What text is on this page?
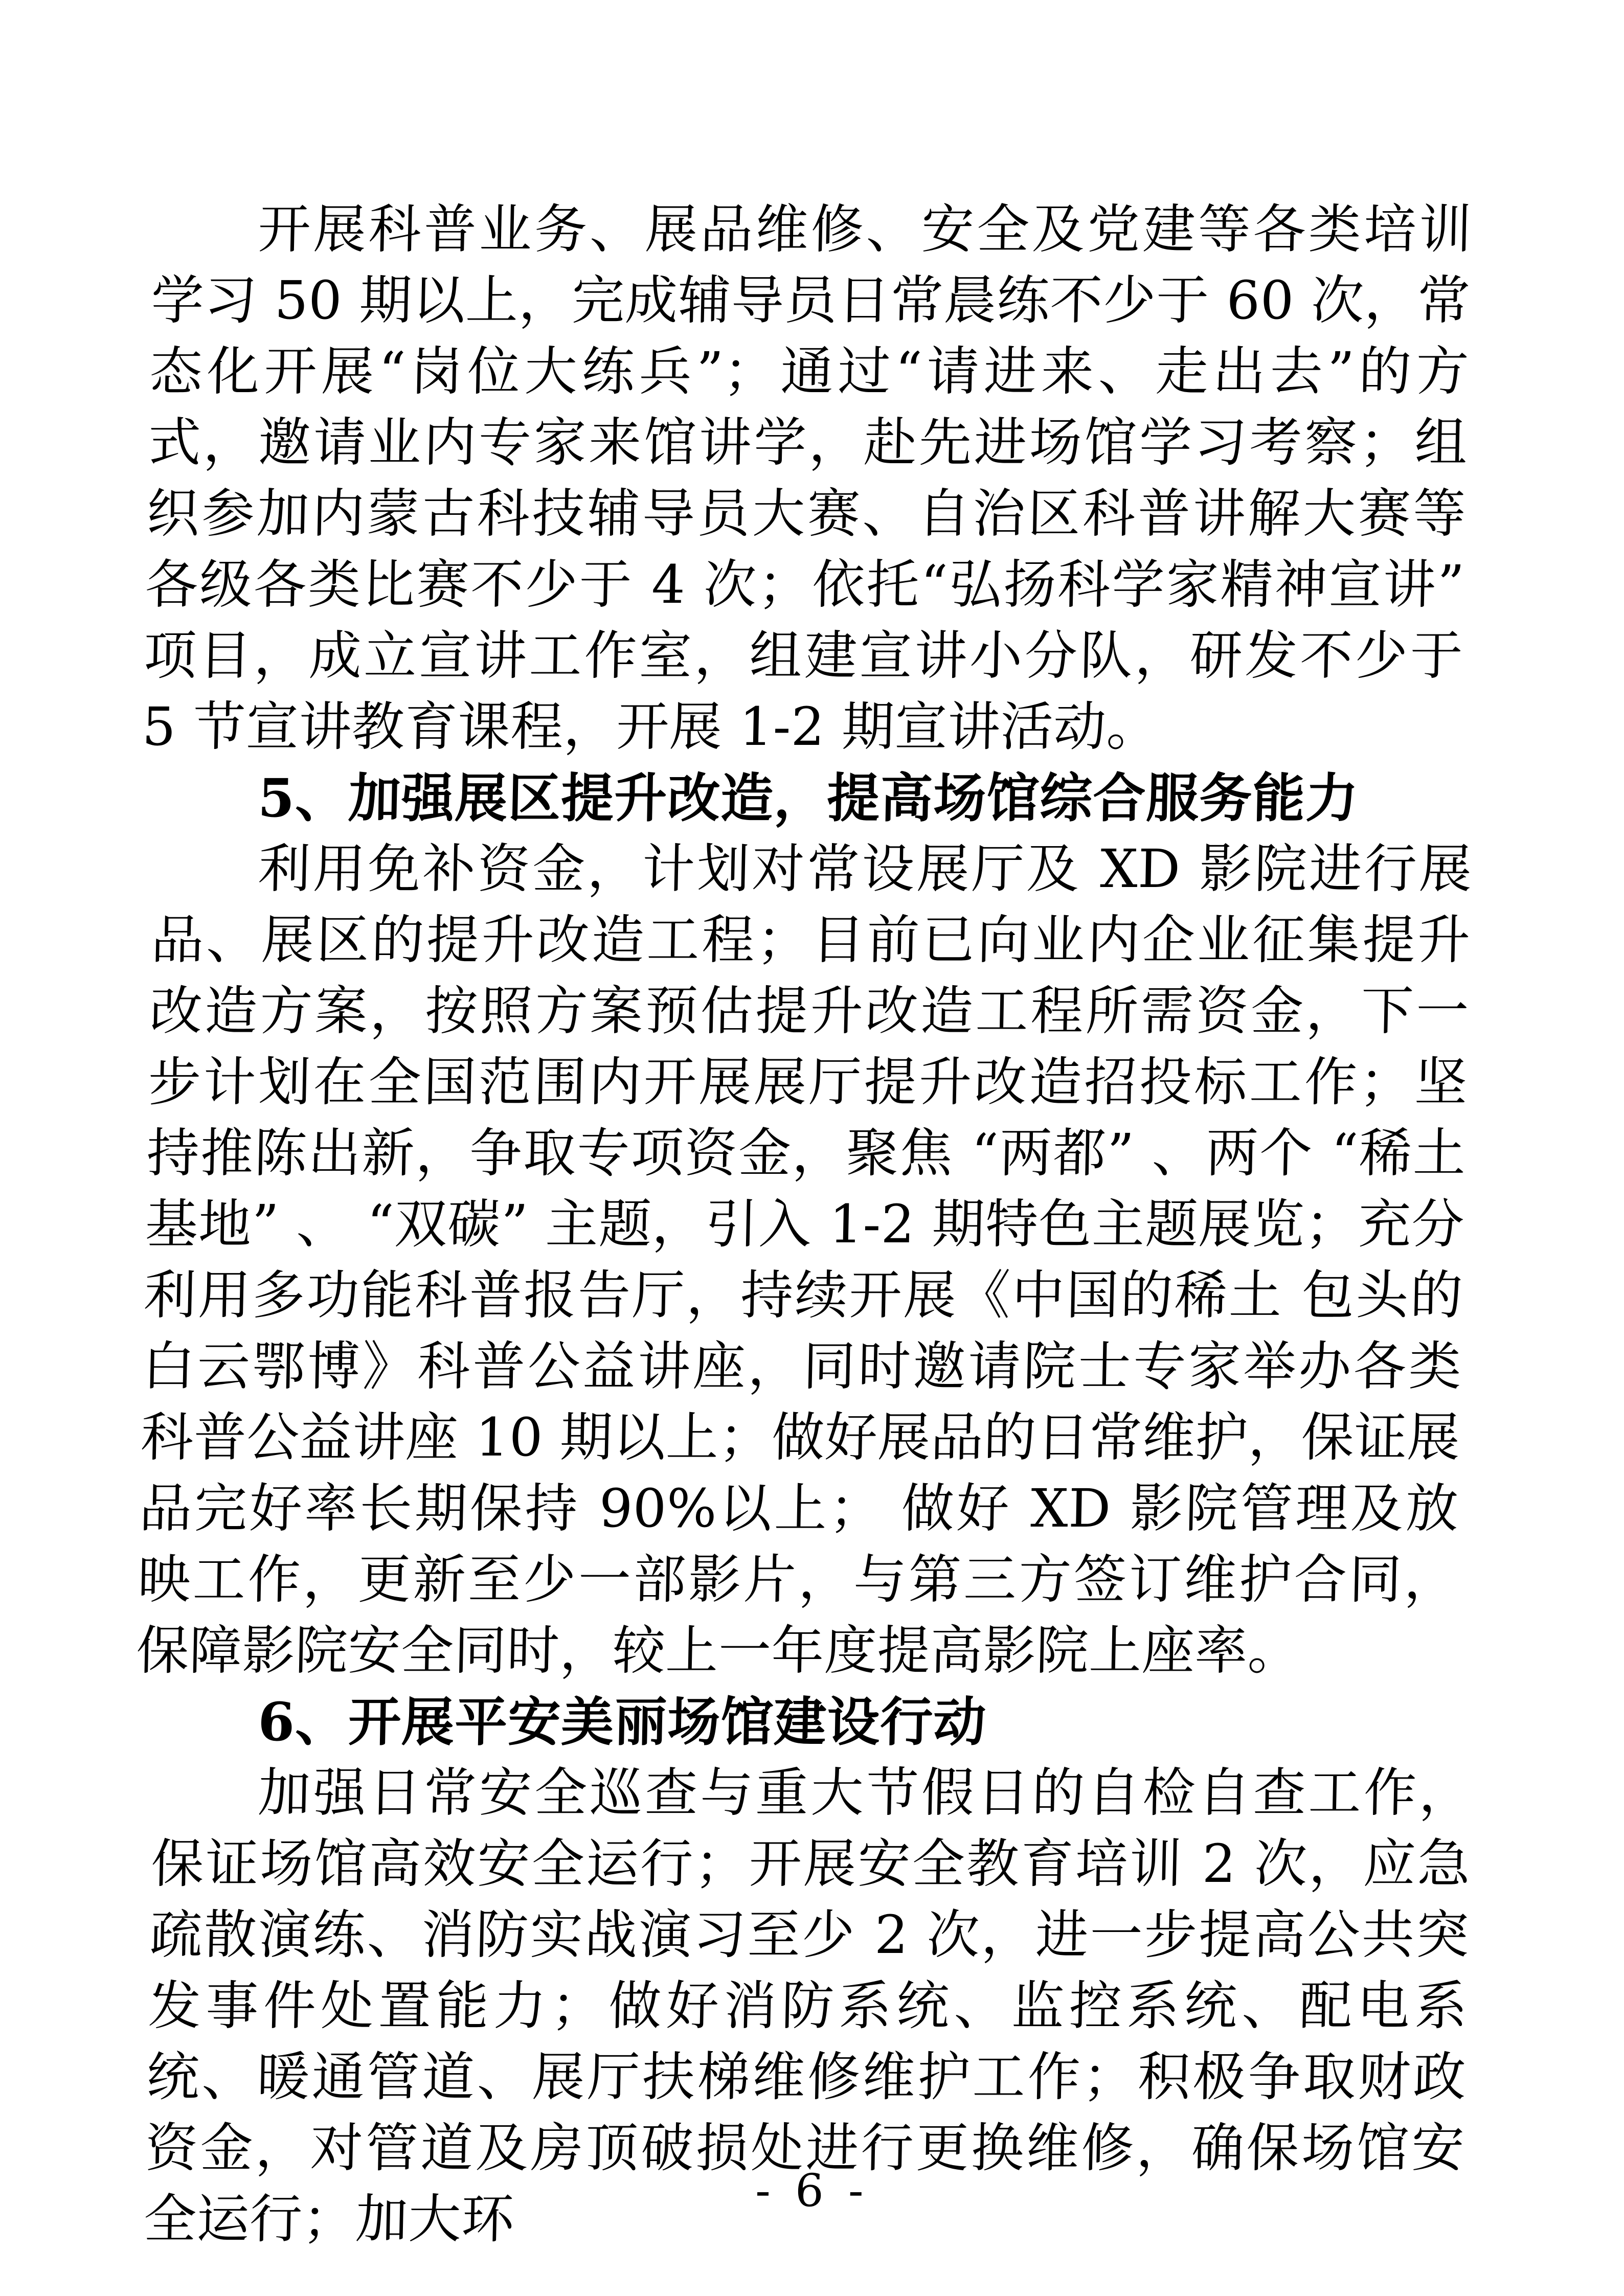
开展科普业务、展品维修、安全及党建等各类培训学习 50 期以上，完成辅导员日常晨练不少于 60 次，常态化开展“岗位大练兵”；通过“请进来、走出去”的方式，邀请业内专家来馆讲学，赴先进场馆学习考察；组织参加内蒙古科技辅导员大赛、自治区科普讲解大赛等各级各类比赛不少于 4 次；依托“弘扬科学家精神宣讲”项目，成立宣讲工作室，组建宣讲小分队，研发不少于 5 节宣讲教育课程，开展 1-2 期宣讲活动。

5、加强展区提升改造，提高场馆综合服务能力

利用免补资金，计划对常设展厅及 XD 影院进行展品、展区的提升改造工程；目前已向业内企业征集提升改造方案，按照方案预估提升改造工程所需资金，下一步计划在全国范围内开展展厅提升改造招投标工作；坚持推陈出新，争取专项资金，聚焦 “两都” 、两个 “稀土基地” 、 “双碳” 主题，引入 1-2 期特色主题展览；充分利用多功能科普报告厅，持续开展《中国的稀土 包头的白云鄂博》科普公益讲座，同时邀请院士专家举办各类科普公益讲座 10 期以上；做好展品的日常维护，保证展品完好率长期保持 90%以上； 做好 XD 影院管理及放映工作，更新至少一部影片，与第三方签订维护合同，保障影院安全同时，较上一年度提高影院上座率。

6、开展平安美丽场馆建设行动

加强日常安全巡查与重大节假日的自检自查工作，保证场馆高效安全运行；开展安全教育培训 2 次，应急疏散演练、消防实战演习至少 2 次，进一步提高公共突发事件处置能力；做好消防系统、监控系统、配电系统、暖通管道、展厅扶梯维修维护工作；积极争取财政资金，对管道及房顶破损处进行更换维修，确保场馆安全运行；加大环	- 6 -
